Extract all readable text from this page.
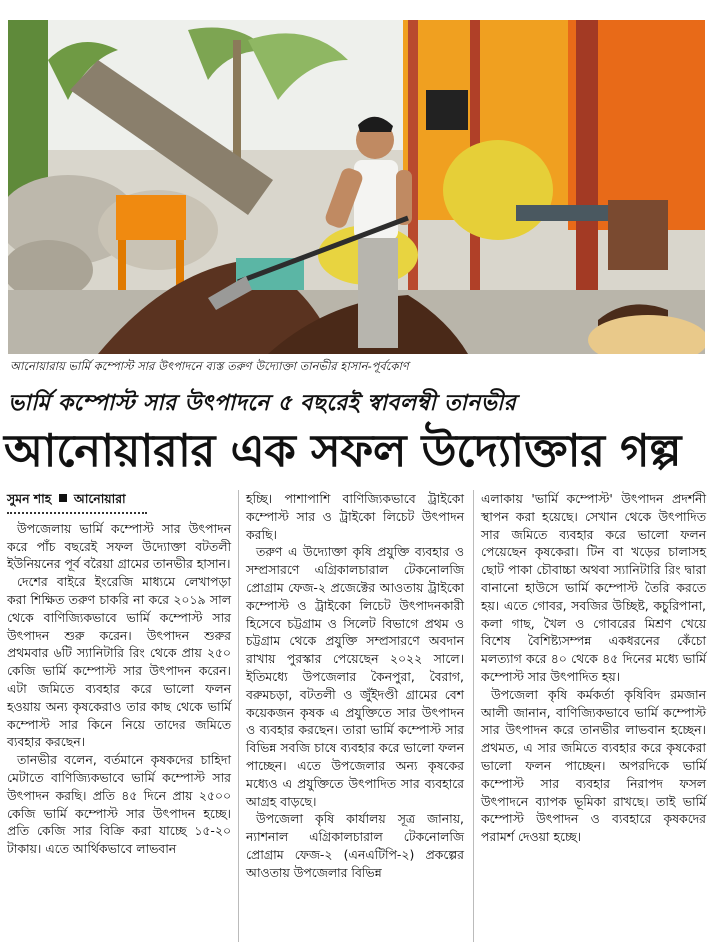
আনোয়ারায় ভার্মি কম্পোস্ট সার উৎপাদনে ব্যস্ত তরুণ উদ্যোক্তা তানভীর হাসান-পূর্বকোণ
ভার্মি কম্পোস্ট সার উৎপাদনে ৫ বছরেই স্বাবলম্বী তানভীর
আনোয়ারার এক সফল উদ্যোক্তার গল্প
সুমন শাহ আনোয়ারা

উপজেলায় ভার্মি কম্পোস্ট সার উৎপাদন করে পাঁচ বছরেই সফল উদ্যোক্তা বটতলী ইউনিয়নের পূর্ব বরৈয়া গ্রামের তানভীর হাসান।

দেশের বাইরে ইংরেজি মাধ্যমে লেখাপড়া করা শিক্ষিত তরুণ চাকরি না করে ২০১৯ সাল থেকে বাণিজ্যিকভাবে ভার্মি কম্পোস্ট সার উৎপাদন শুরু করেন। উৎপাদন শুরুর প্রথমবার ৬টি স্যানিটারি রিং থেকে প্রায় ২৫০ কেজি ভার্মি কম্পোস্ট সার উৎপাদন করেন। এটা জমিতে ব্যবহার করে ভালো ফলন হওয়ায় অন্য কৃষকেরাও তার কাছ থেকে ভার্মি কম্পোস্ট সার কিনে নিয়ে তাদের জমিতে ব্যবহার করছেন।

তানভীর বলেন, বর্তমানে কৃষকদের চাহিদা মেটাতে বাণিজ্যিকভাবে ভার্মি কম্পোস্ট সার উৎপাদন করছি। প্রতি ৪৫ দিনে প্রায় ২৫০০ কেজি ভার্মি কম্পোস্ট সার উৎপাদন হচ্ছে। প্রতি কেজি সার বিক্রি করা যাচ্ছে ১৫-২০ টাকায়। এতে আর্থিকভাবে লাভবান

হচ্ছি। পাশাপাশি বাণিজ্যিকভাবে ট্রাইকো কম্পোস্ট সার ও ট্রাইকো লিচেট উৎপাদন করছি।

তরুণ এ উদ্যোক্তা কৃষি প্রযুক্তি ব্যবহার ও সম্প্রসারণে এগ্রিকালচারাল টেকনোলজি প্রোগ্রাম ফেজ-২ প্রজেক্টের আওতায় ট্রাইকো কম্পোস্ট ও ট্রাইকো লিচেট উৎপাদনকারী হিসেবে চট্টগ্রাম ও সিলেট বিভাগে প্রথম ও চট্টগ্রাম থেকে প্রযুক্তি সম্প্রসারণে অবদান রাখায় পুরস্কার পেয়েছেন ২০২২ সালে। ইতিমধ্যে উপজেলার কৈনপুরা, বৈরাগ, বরুমচড়া, বটতলী ও জুঁইদণ্ডী গ্রামের বেশ কয়েকজন কৃষক এ প্রযুক্তিতে সার উৎপাদন ও ব্যবহার করছেন। তারা ভার্মি কম্পোস্ট সার বিভিন্ন সবজি চাষে ব্যবহার করে ভালো ফলন পাচ্ছেন। এতে উপজেলার অন্য কৃষকের মধ্যেও এ প্রযুক্তিতে উৎপাদিত সার ব্যবহারে আগ্রহ বাড়ছে।

উপজেলা কৃষি কার্যালয় সূত্র জানায়, ন্যাশনাল এগ্রিকালচারাল টেকনোলজি প্রোগ্রাম ফেজ-২ (এনএটিপি-২) প্রকল্পের আওতায় উপজেলার বিভিন্ন

এলাকায় 'ভার্মি কম্পোস্ট' উৎপাদন প্রদর্শনী স্থাপন করা হয়েছে। সেখান থেকে উৎপাদিত সার জমিতে ব্যবহার করে ভালো ফলন পেয়েছেন কৃষকেরা। টিন বা খড়ের চালাসহ ছোট পাকা চৌবাচ্চা অথবা স্যানিটারি রিং দ্বারা বানানো হাউসে ভার্মি কম্পোস্ট তৈরি করতে হয়। এতে গোবর, সবজির উচ্ছিষ্ট, কচুরিপানা, কলা গাছ, খৈল ও গোবরের মিশ্রণ খেয়ে বিশেষ বৈশিষ্ট্যসম্পন্ন একধরনের কেঁচো মলত্যাগ করে ৪০ থেকে ৪৫ দিনের মধ্যে ভার্মি কম্পোস্ট সার উৎপাদিত হয়।

উপজেলা কৃষি কর্মকর্তা কৃষিবিদ রমজান আলী জানান, বাণিজ্যিকভাবে ভার্মি কম্পোস্ট সার উৎপাদন করে তানভীর লাভবান হচ্ছেন। প্রথমত, এ সার জমিতে ব্যবহার করে কৃষকেরা ভালো ফলন পাচ্ছেন। অপরদিকে ভার্মি কম্পোস্ট সার ব্যবহার নিরাপদ ফসল উৎপাদনে ব্যাপক ভূমিকা রাখছে। তাই ভার্মি কম্পোস্ট উৎপাদন ও ব্যবহারে কৃষকদের পরামর্শ দেওয়া হচ্ছে।
